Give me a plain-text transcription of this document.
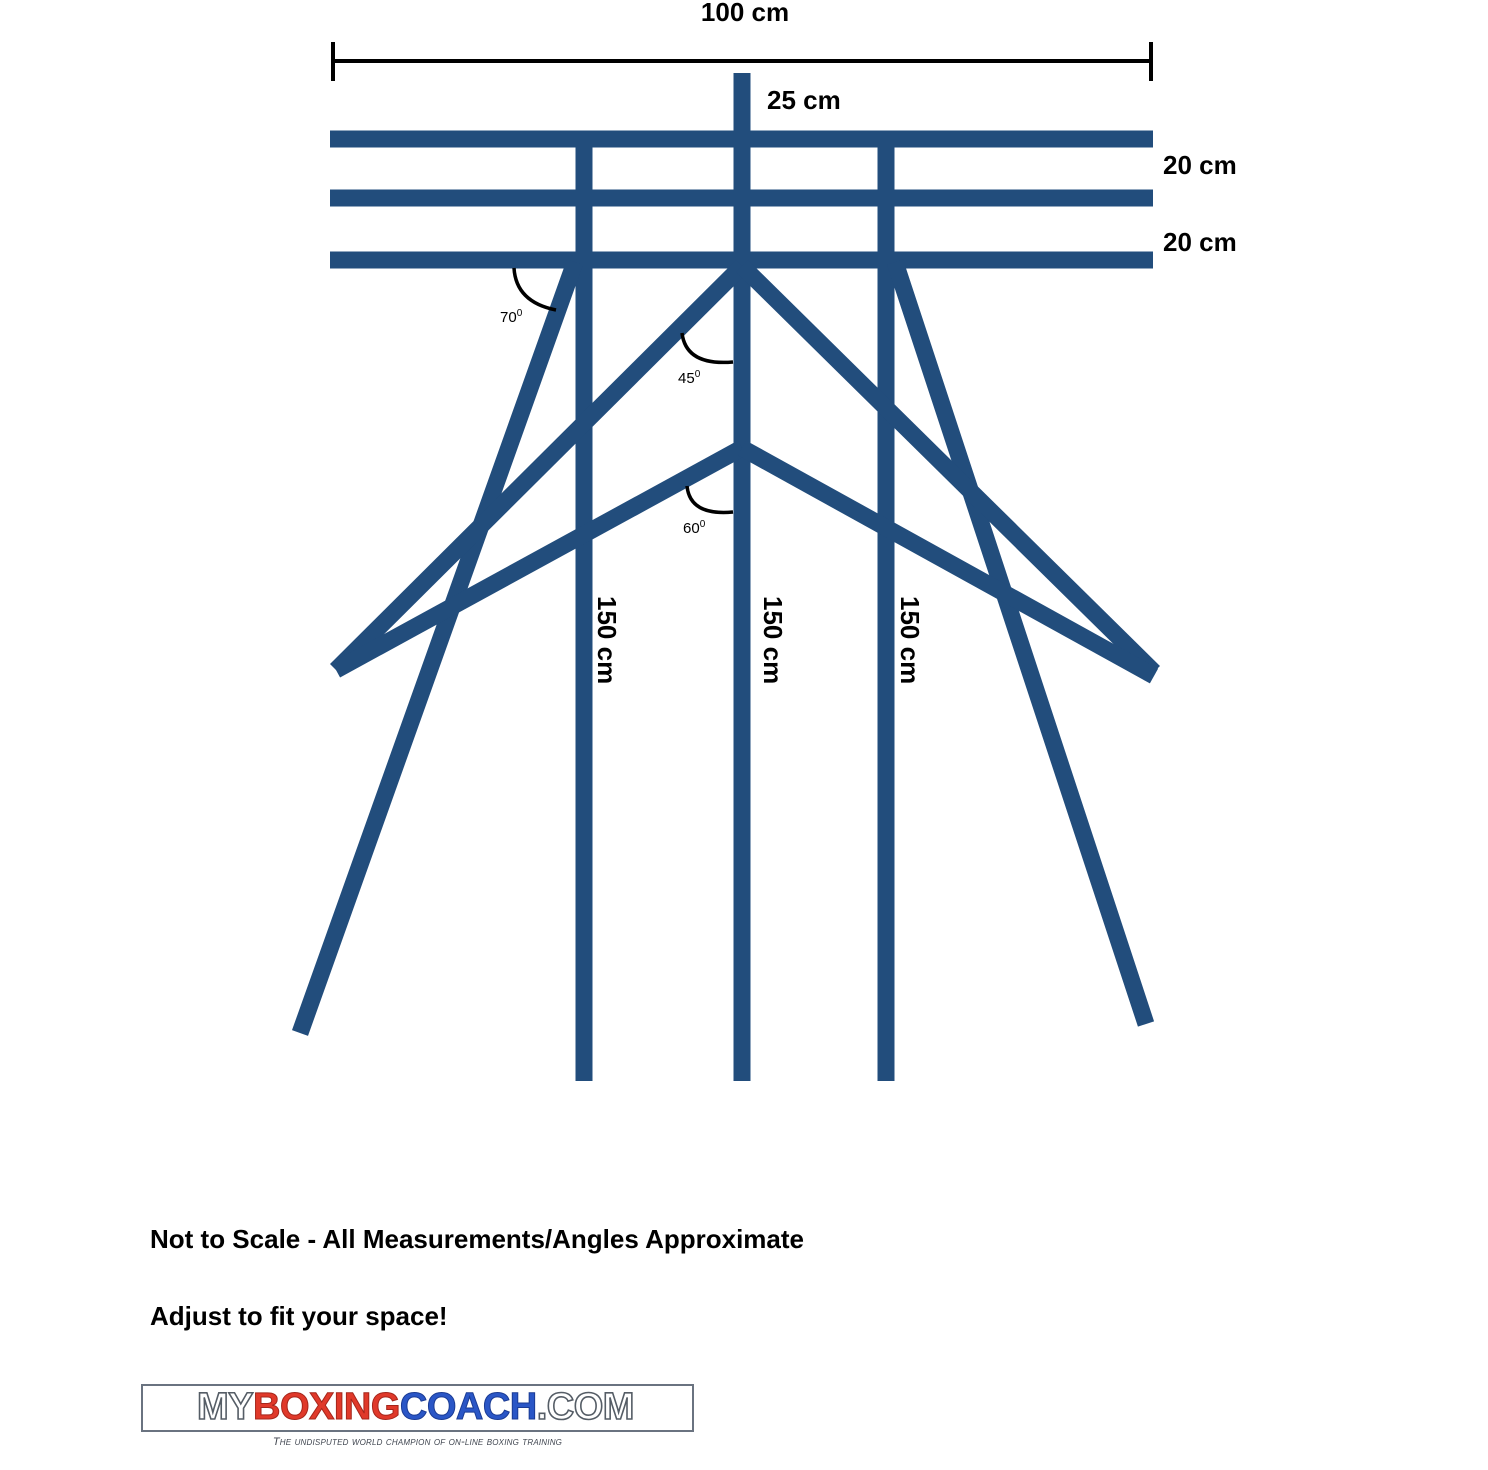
100 cm
25 cm
20 cm
20 cm
150 cm	150 cm	150 cm
$70^0$
$45^0$
$60^0$

Not to Scale - All Measurements/Angles Approximate

Adjust to fit your space!

MYBOXINGCOACH.COM
The undisputed world champion of on-line boxing training
